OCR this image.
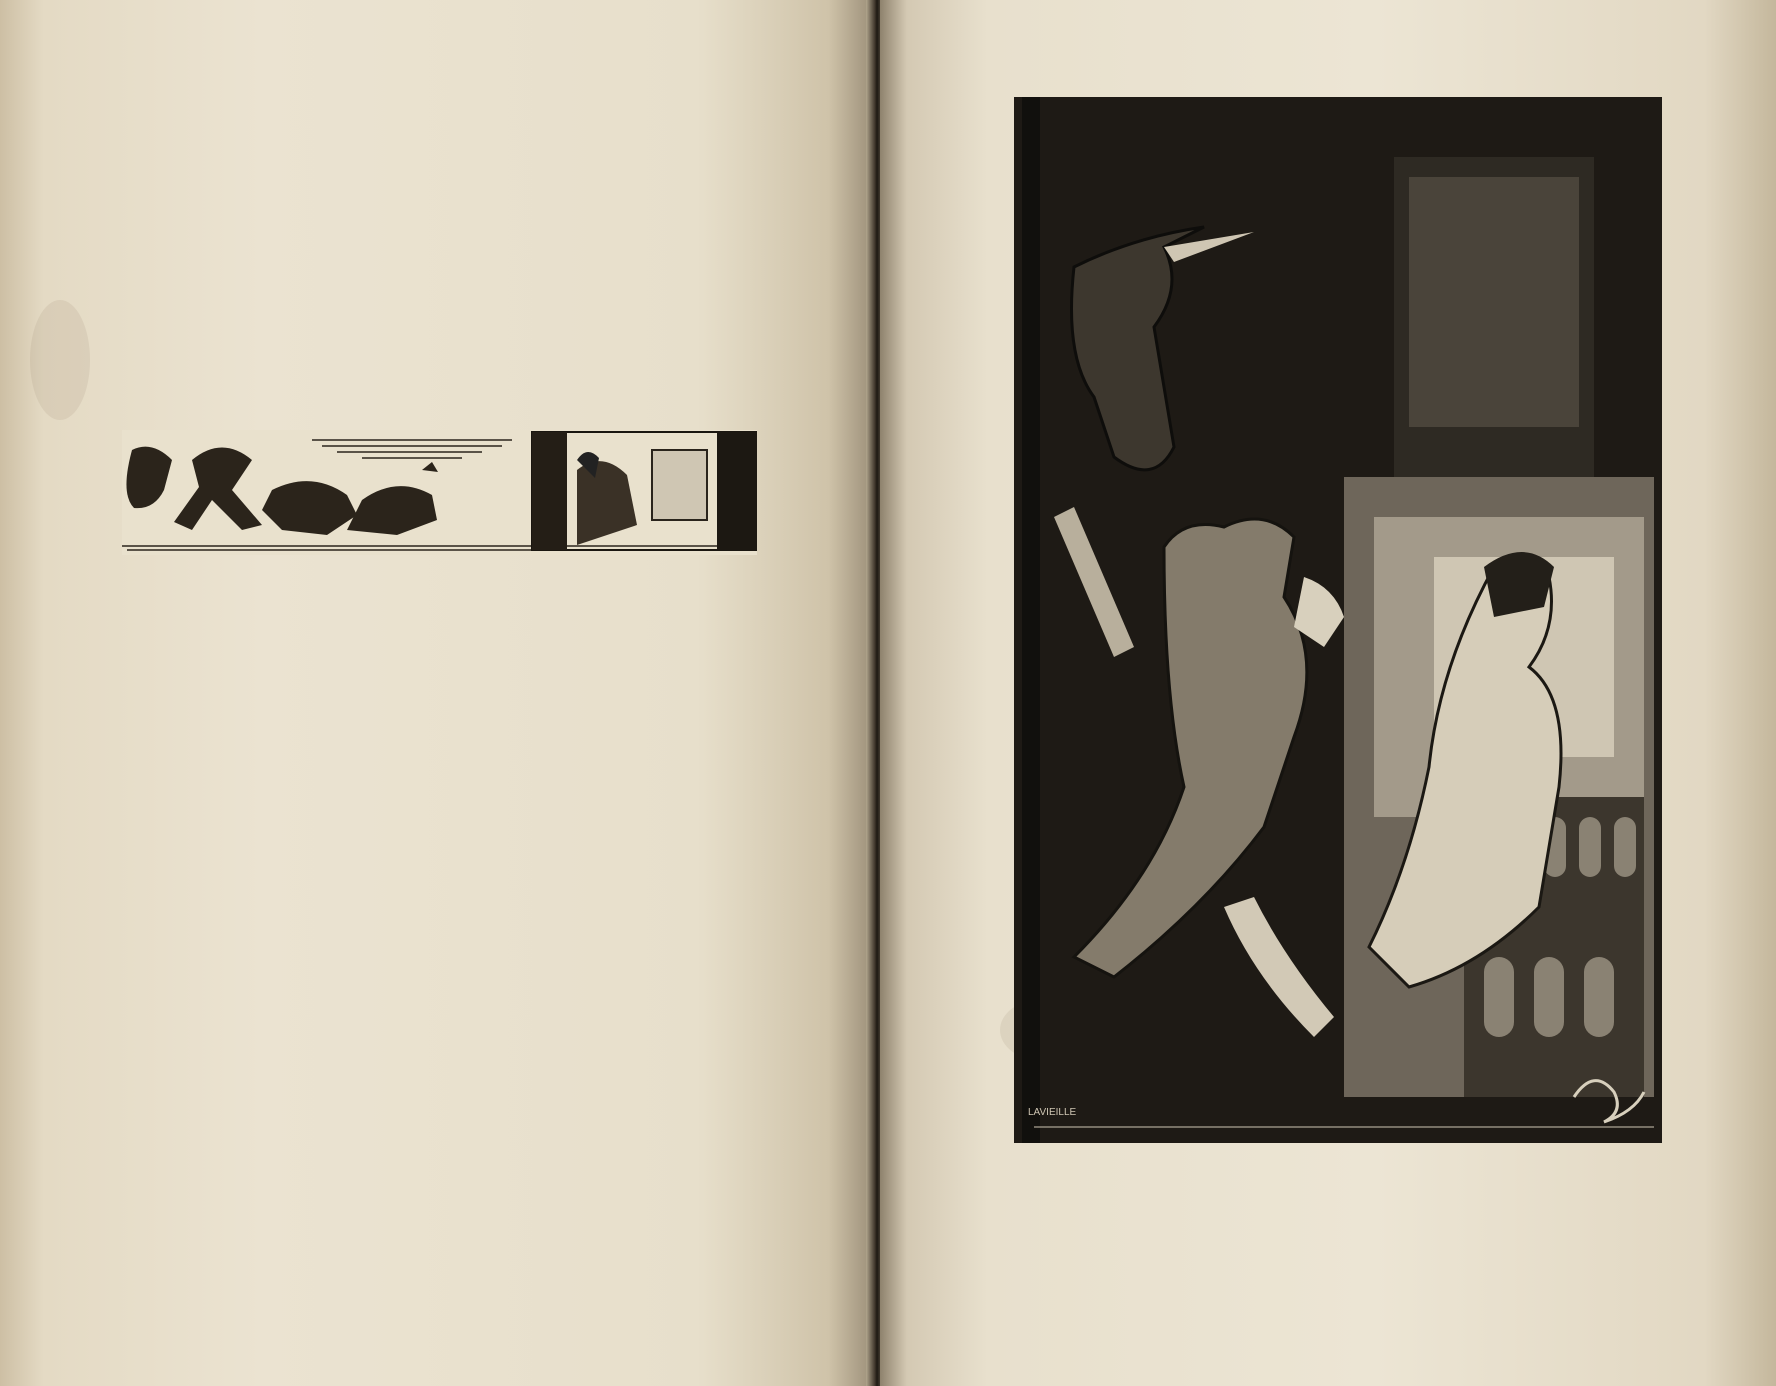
LAVIEILLE
